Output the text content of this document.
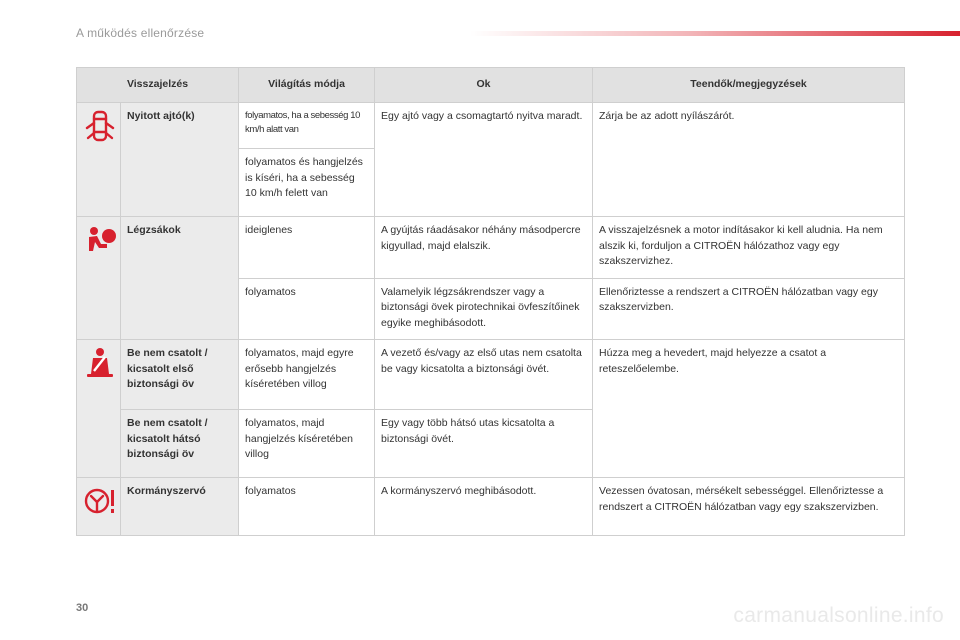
A működés ellenőrzése
Visszajelzés		Világítás módja	Ok	Teendők/megjegyzések
	Nyitott ajtó(k)	folyamatos, ha a sebesség 10 km/h alatt van	Egy ajtó vagy a csomagtartó nyitva maradt.	Zárja be az adott nyílászárót.
		folyamatos és hangjelzés is kíséri, ha a sebesség 10 km/h felett van		
	Légzsákok	ideiglenes	A gyújtás ráadásakor néhány másodpercre kigyullad, majd elalszik.	A visszajelzésnek a motor indításakor ki kell aludnia. Ha nem alszik ki, forduljon a CITROËN hálózathoz vagy egy szakszervizhez.
		folyamatos	Valamelyik légzsákrendszer vagy a biztonsági övek pirotechnikai övfeszítőinek egyike meghibásodott.	Ellenőriztesse a rendszert a CITROËN hálózatban vagy egy szakszervizben.
	Be nem csatolt / kicsatolt első biztonsági öv	folyamatos, majd egyre erősebb hangjelzés kíséretében villog	A vezető és/vagy az első utas nem csatolta be vagy kicsatolta a biztonsági övét.	Húzza meg a hevedert, majd helyezze a csatot a reteszelőelembe.
	Be nem csatolt / kicsatolt hátsó biztonsági öv	folyamatos, majd hangjelzés kíséretében villog	Egy vagy több hátsó utas kicsatolta a biztonsági övét.	
	Kormányszervó	folyamatos	A kormányszervó meghibásodott.	Vezessen óvatosan, mérsékelt sebességgel. Ellenőriztesse a rendszert a CITROËN hálózatban vagy egy szakszervizben.
30	carmanualsonline.info
